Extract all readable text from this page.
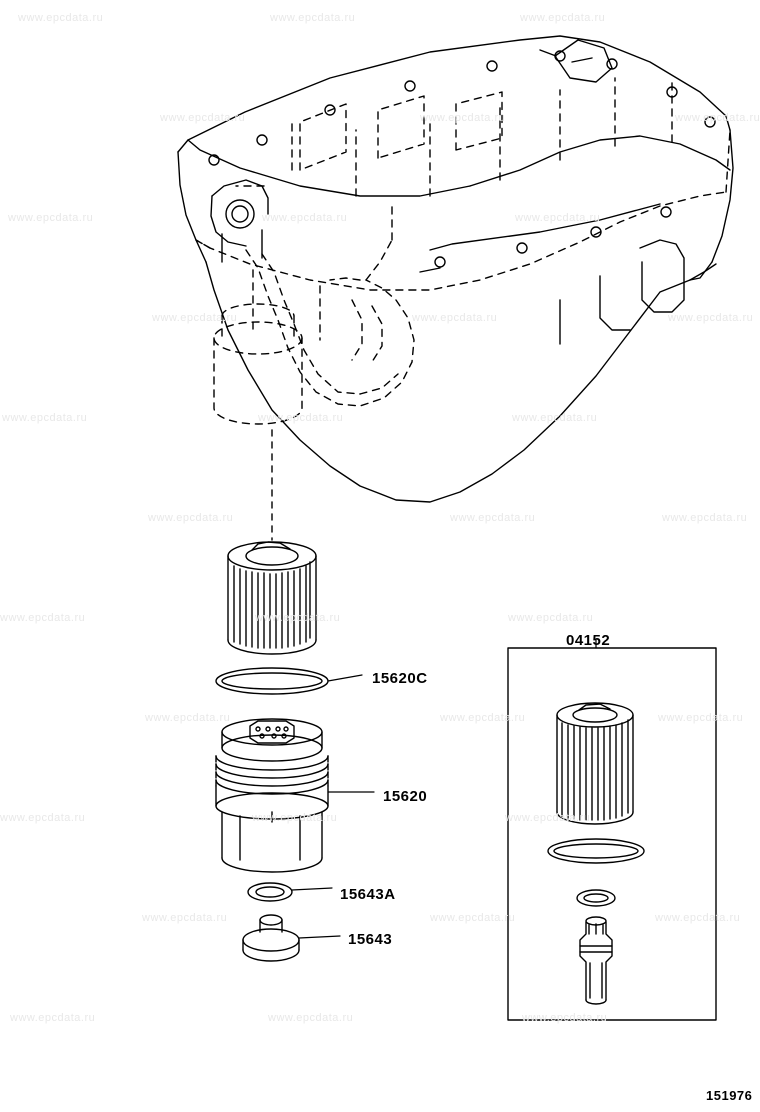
www.epcdata.ru	www.epcdata.ru	www.epcdata.ru
www.epcdata.ru	www.epcdata.ru	www.epcdata.ru
www.epcdata.ru	www.epcdata.ru	www.epcdata.ru
www.epcdata.ru	www.epcdata.ru	www.epcdata.ru
www.epcdata.ru	www.epcdata.ru	www.epcdata.ru
www.epcdata.ru	www.epcdata.ru	www.epcdata.ru
www.epcdata.ru	www.epcdata.ru	www.epcdata.ru
www.epcdata.ru	www.epcdata.ru	www.epcdata.ru
www.epcdata.ru	www.epcdata.ru	www.epcdata.ru
www.epcdata.ru	www.epcdata.ru	www.epcdata.ru
www.epcdata.ru	www.epcdata.ru	www.epcdata.ru
15620C
15620
15643A
15643
04152
151976
